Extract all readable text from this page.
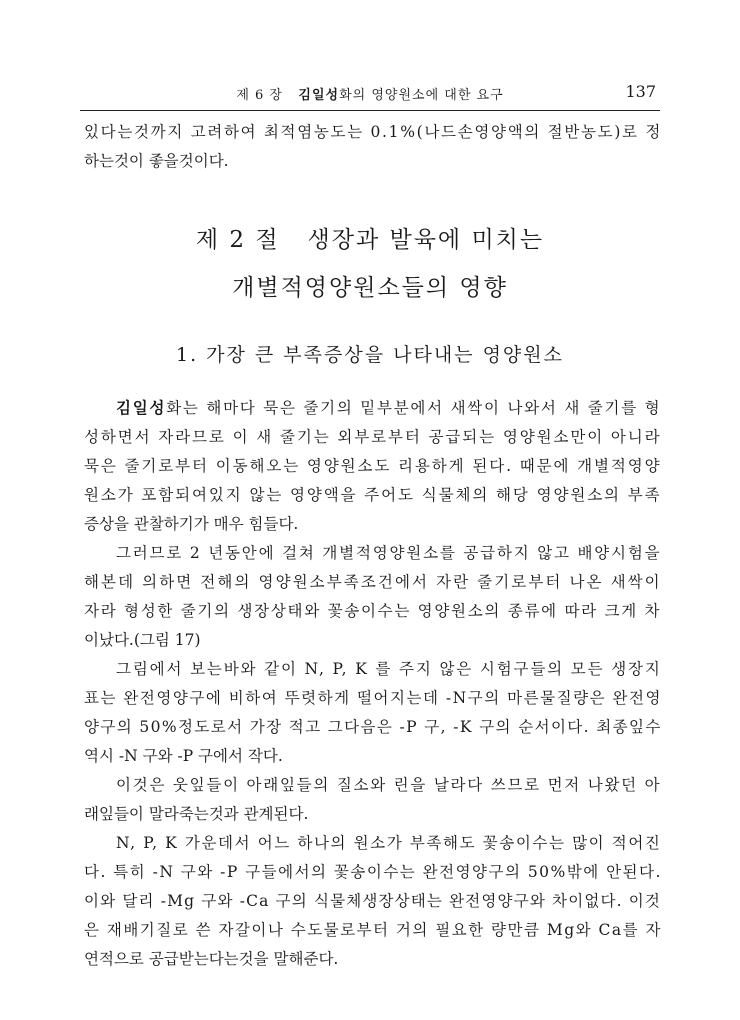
제 6 장 김일성화의 영양원소에 대한 요구	137
있다는것까지 고려하여 최적염농도는 0.1%(나드손영양액의 절반농도)로 정
하는것이 좋을것이다.
제 2 절   생장과 발육에 미치는
개별적영양원소들의 영향
1. 가장 큰 부족증상을 나타내는 영양원소
김일성화는 해마다 묵은 줄기의 밑부분에서 새싹이 나와서 새 줄기를 형
성하면서 자라므로 이 새 줄기는 외부로부터 공급되는 영양원소만이 아니라
묵은 줄기로부터 이동해오는 영양원소도 리용하게 된다. 때문에 개별적영양
원소가 포함되여있지 않는 영양액을 주어도 식물체의 해당 영양원소의 부족
증상을 관찰하기가 매우 힘들다.
그러므로 2 년동안에 걸쳐 개별적영양원소를 공급하지 않고 배양시험을
해본데 의하면 전해의 영양원소부족조건에서 자란 줄기로부터 나온 새싹이
자라 형성한 줄기의 생장상태와 꽃송이수는 영양원소의 종류에 따라 크게 차
이났다.(그림 17)
그림에서 보는바와 같이 N, P, K 를 주지 않은 시험구들의 모든 생장지
표는 완전영양구에 비하여 뚜렷하게 떨어지는데 -N구의 마른물질량은 완전영
양구의 50%정도로서 가장 적고 그다음은 -P 구, -K 구의 순서이다. 최종잎수
역시 -N 구와 -P 구에서 작다.
이것은 웃잎들이 아래잎들의 질소와 린을 날라다 쓰므로 먼저 나왔던 아
래잎들이 말라죽는것과 관계된다.
N, P, K 가운데서 어느 하나의 원소가 부족해도 꽃송이수는 많이 적어진
다. 특히 -N 구와 -P 구들에서의 꽃송이수는 완전영양구의 50%밖에 안된다.
이와 달리 -Mg 구와 -Ca 구의 식물체생장상태는 완전영양구와 차이없다. 이것
은 재배기질로 쓴 자갈이나 수도물로부터 거의 필요한 량만큼 Mg와 Ca를 자
연적으로 공급받는다는것을 말해준다.
